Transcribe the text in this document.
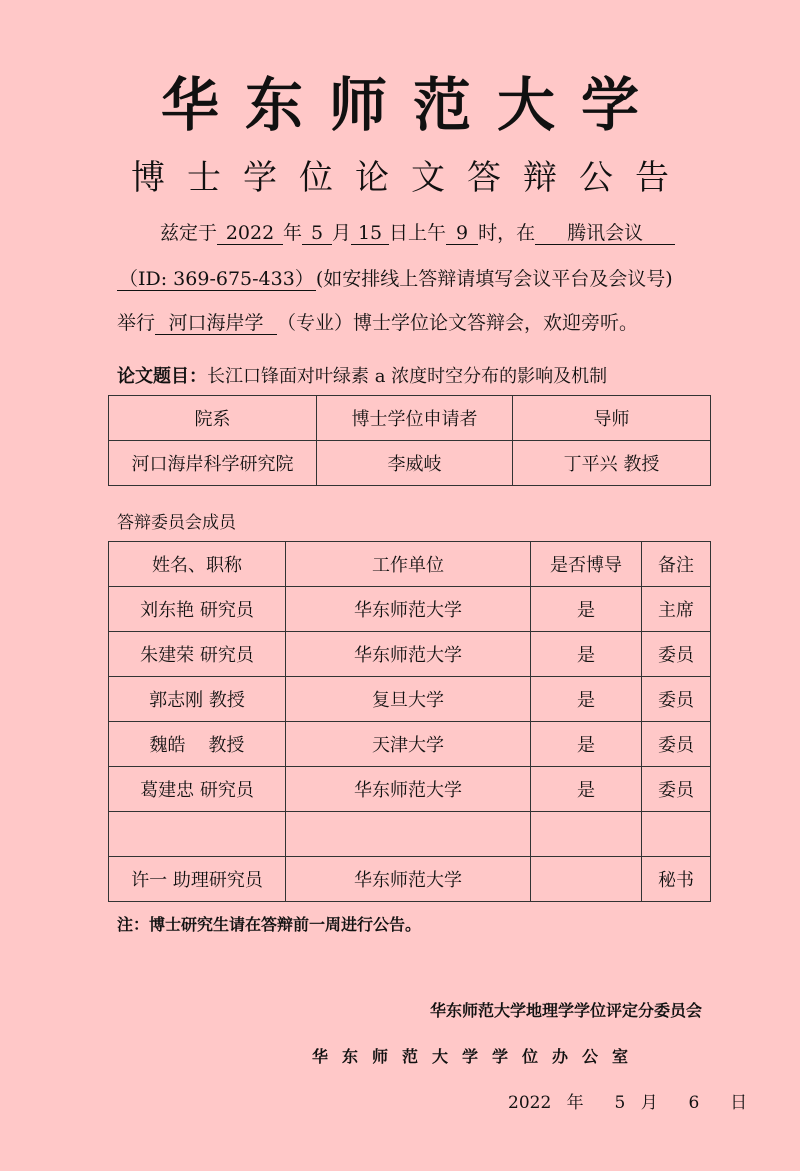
华东师范大学
博士学位论文答辩公告
兹定于 2022 年 5 月 15 日上午 9 时，在 腾讯会议
（ID: 369-675-433） (如安排线上答辩请填写会议平台及会议号)
举行 河口海岸学 （专业）博士学位论文答辩会，欢迎旁听。
论文题目：长江口锋面对叶绿素 a 浓度时空分布的影响及机制
院系	博士学位申请者	导师
河口海岸科学研究院	李威岐	丁平兴 教授
答辩委员会成员
姓名、职称	工作单位	是否博导	备注
刘东艳 研究员	华东师范大学	是	主席
朱建荣 研究员	华东师范大学	是	委员
郭志刚 教授	复旦大学	是	委员
魏皓    教授	天津大学	是	委员
葛建忠 研究员	华东师范大学	是	委员

许一 助理研究员	华东师范大学		秘书
注：博士研究生请在答辩前一周进行公告。
华东师范大学地理学学位评定分委员会
华东师范大学学位办公室
2022 年  5 月  6  日
